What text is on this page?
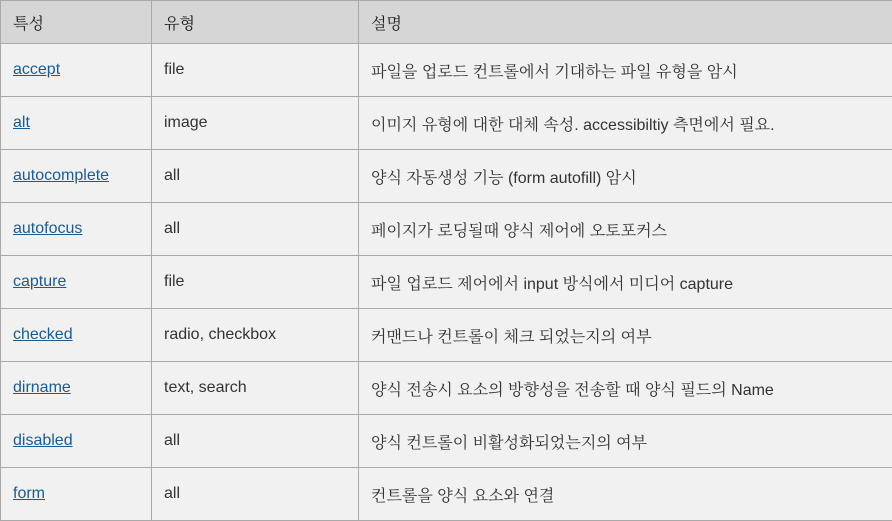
특성	유형	설명
accept	file	파일을 업로드 컨트롤에서 기대하는 파일 유형을 암시
alt	image	이미지 유형에 대한 대체 속성. accessibiltiy 측면에서 필요.
autocomplete	all	양식 자동생성 기능 (form autofill) 암시
autofocus	all	페이지가 로딩될때 양식 제어에 오토포커스
capture	file	파일 업로드 제어에서 input 방식에서 미디어 capture
checked	radio, checkbox	커맨드나 컨트롤이 체크 되었는지의 여부
dirname	text, search	양식 전송시 요소의 방향성을 전송할 때 양식 필드의 Name
disabled	all	양식 컨트롤이 비활성화되었는지의 여부
form	all	컨트롤을 양식 요소와 연결
